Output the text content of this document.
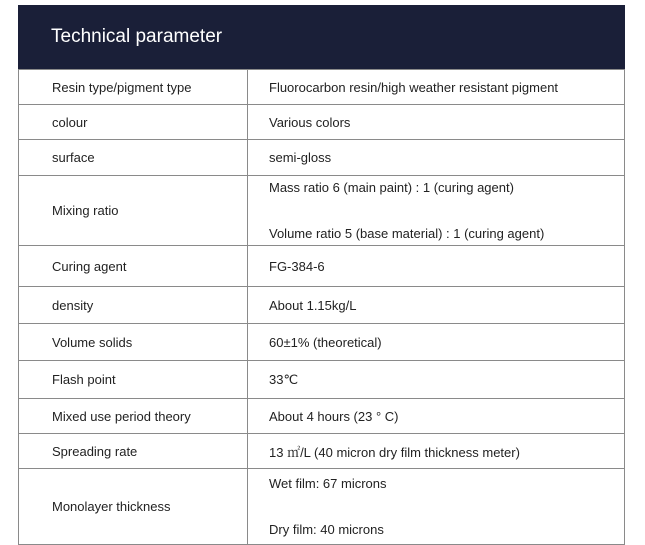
Technical parameter
Resin type/pigment type	Fluorocarbon resin/high weather resistant pigment
colour	Various colors
surface	semi-gloss
Mixing ratio	Mass ratio 6 (main paint) : 1 (curing agent)
Volume ratio 5 (base material) : 1 (curing agent)

Curing agent	FG-384-6
density	About 1.15kg/L
Volume solids	60±1% (theoretical)
Flash point	33℃
Mixed use period theory	About 4 hours (23 ° C)
Spreading rate	13 ㎡/L (40 micron dry film thickness meter)
Monolayer thickness	Wet film: 67 microns
Dry film: 40 microns
